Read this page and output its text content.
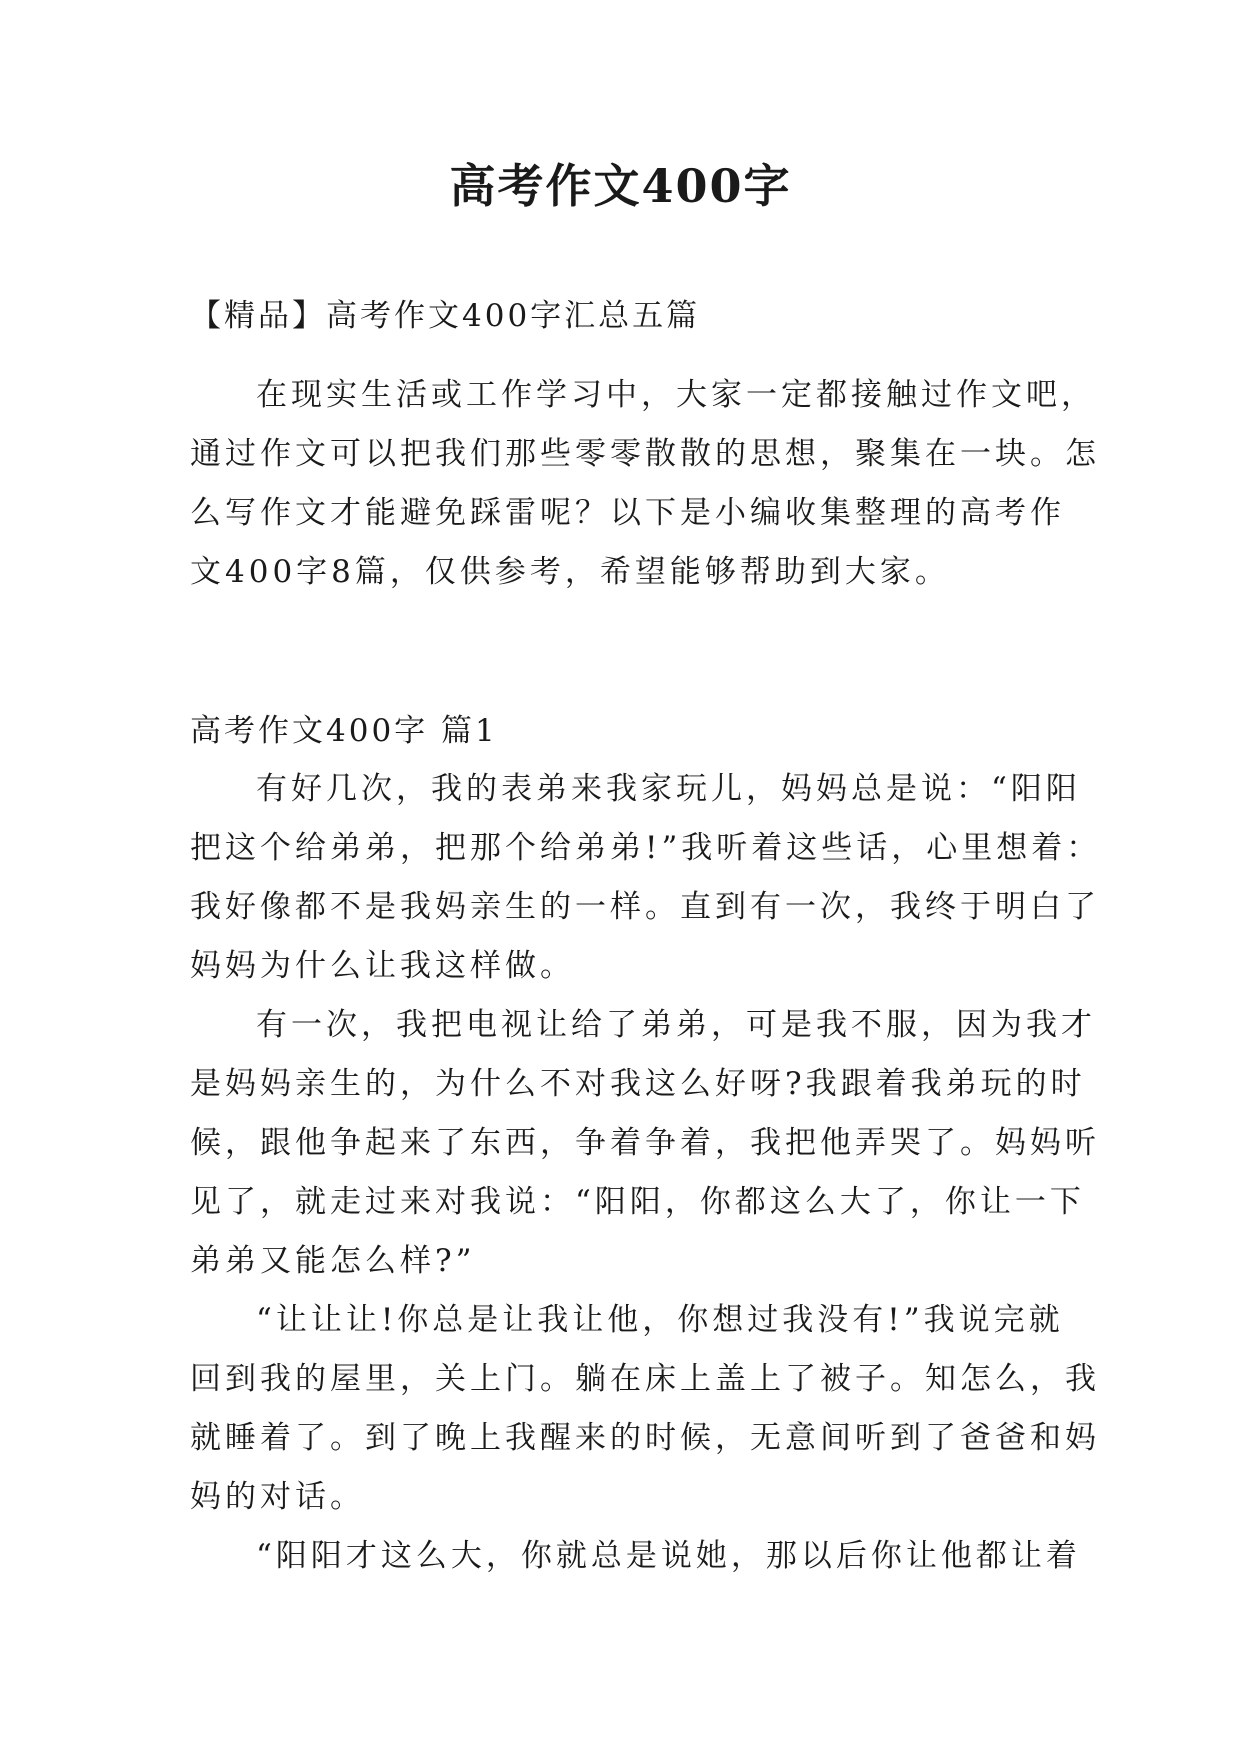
高考作文400字

【精品】高考作文400字汇总五篇

在现实生活或工作学习中，大家一定都接触过作文吧，
通过作文可以把我们那些零零散散的思想，聚集在一块。怎
么写作文才能避免踩雷呢？以下是小编收集整理的高考作
文400字8篇，仅供参考，希望能够帮助到大家。

高考作文400字 篇1

有好几次，我的表弟来我家玩儿，妈妈总是说：“阳阳
把这个给弟弟，把那个给弟弟!”我听着这些话，心里想着：
我好像都不是我妈亲生的一样。直到有一次，我终于明白了
妈妈为什么让我这样做。
有一次，我把电视让给了弟弟，可是我不服，因为我才
是妈妈亲生的，为什么不对我这么好呀?我跟着我弟玩的时
候，跟他争起来了东西，争着争着，我把他弄哭了。妈妈听
见了，就走过来对我说：“阳阳，你都这么大了，你让一下
弟弟又能怎么样?”
“让让让!你总是让我让他，你想过我没有!”我说完就
回到我的屋里，关上门。躺在床上盖上了被子。知怎么，我
就睡着了。到了晚上我醒来的时候，无意间听到了爸爸和妈
妈的对话。
“阳阳才这么大，你就总是说她，那以后你让他都让着
